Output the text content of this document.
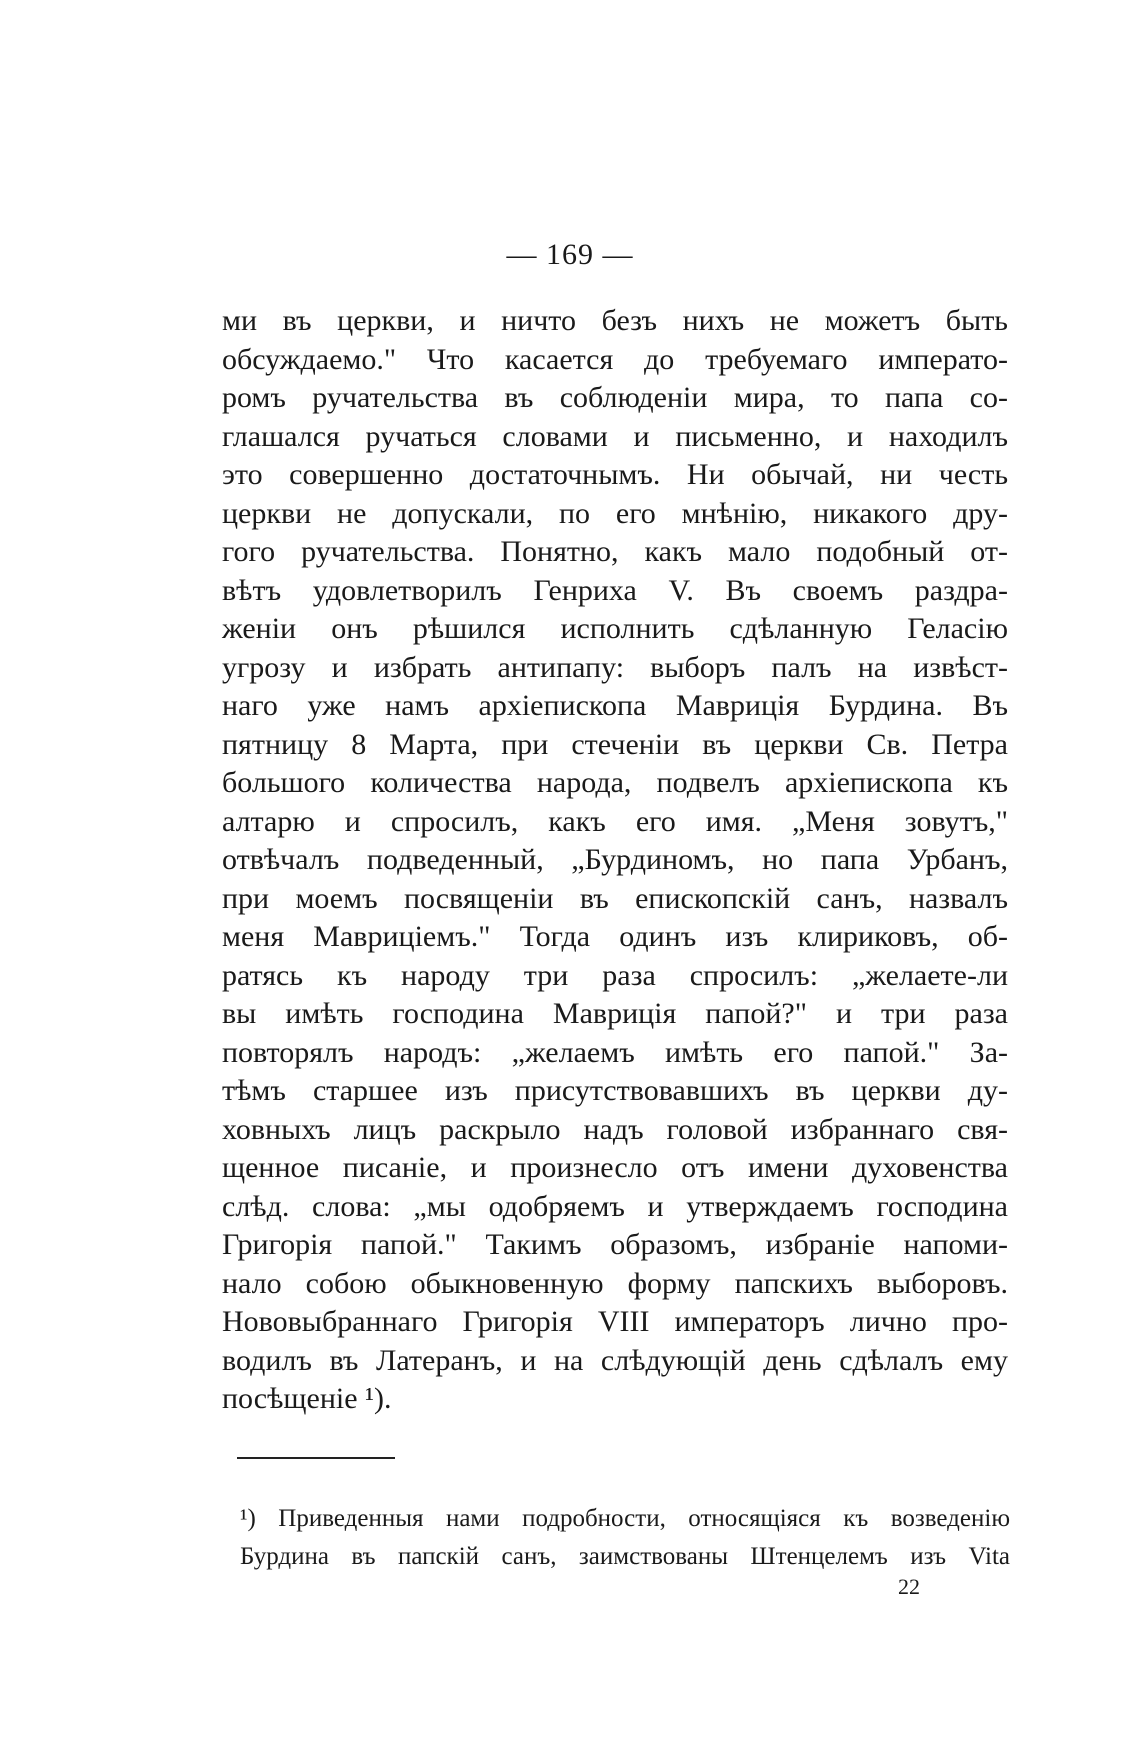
— 169 —
ми въ церкви, и ничто безъ нихъ не можетъ быть
обсуждаемо." Что касается до требуемаго императо-
ромъ ручательства въ соблюденіи мира, то папа со-
глашался ручаться словами и письменно, и находилъ
это совершенно достаточнымъ. Ни обычай, ни честь
церкви не допускали, по его мнѣнію, никакого дру-
гого ручательства. Понятно, какъ мало подобный от-
вѣтъ удовлетворилъ Генриха V. Въ своемъ раздра-
женіи онъ рѣшился исполнить сдѣланную Геласію
угрозу и избрать антипапу: выборъ палъ на извѣст-
наго уже намъ архіепископа Мавриція Бурдина. Въ
пятницу 8 Марта, при стеченіи въ церкви Св. Петра
большого количества народа, подвелъ архіепископа къ
алтарю и спросилъ, какъ его имя. „Меня зовутъ,"
отвѣчалъ подведенный, „Бурдиномъ, но папа Урбанъ,
при моемъ посвященіи въ епископскій санъ, назвалъ
меня Маврицiемъ." Тогда одинъ изъ клириковъ, об-
ратясь къ народу три раза спросилъ: „желаете-ли
вы имѣть господина Маврицiя папой?" и три раза
повторялъ народъ: „желаемъ имѣть его папой." За-
тѣмъ старшее изъ присутствовавшихъ въ церкви ду-
ховныхъ лицъ раскрыло надъ головой избраннаго свя-
щенное писаніе, и произнесло отъ имени духовенства
слѣд. слова: „мы одобряемъ и утверждаемъ господина
Григорія папой." Такимъ образомъ, избраніе напоми-
нало собою обыкновенную форму папскихъ выборовъ.
Нововыбраннаго Григорія VIII императоръ лично про-
водилъ въ Латеранъ, и на слѣдующій день сдѣлалъ ему
посѣщеніе ¹).
¹) Приведенныя нами подробности, относящіяся къ возведенію
Бурдина въ папскій санъ, заимствованы Штенцелемъ изъ Vita
22
